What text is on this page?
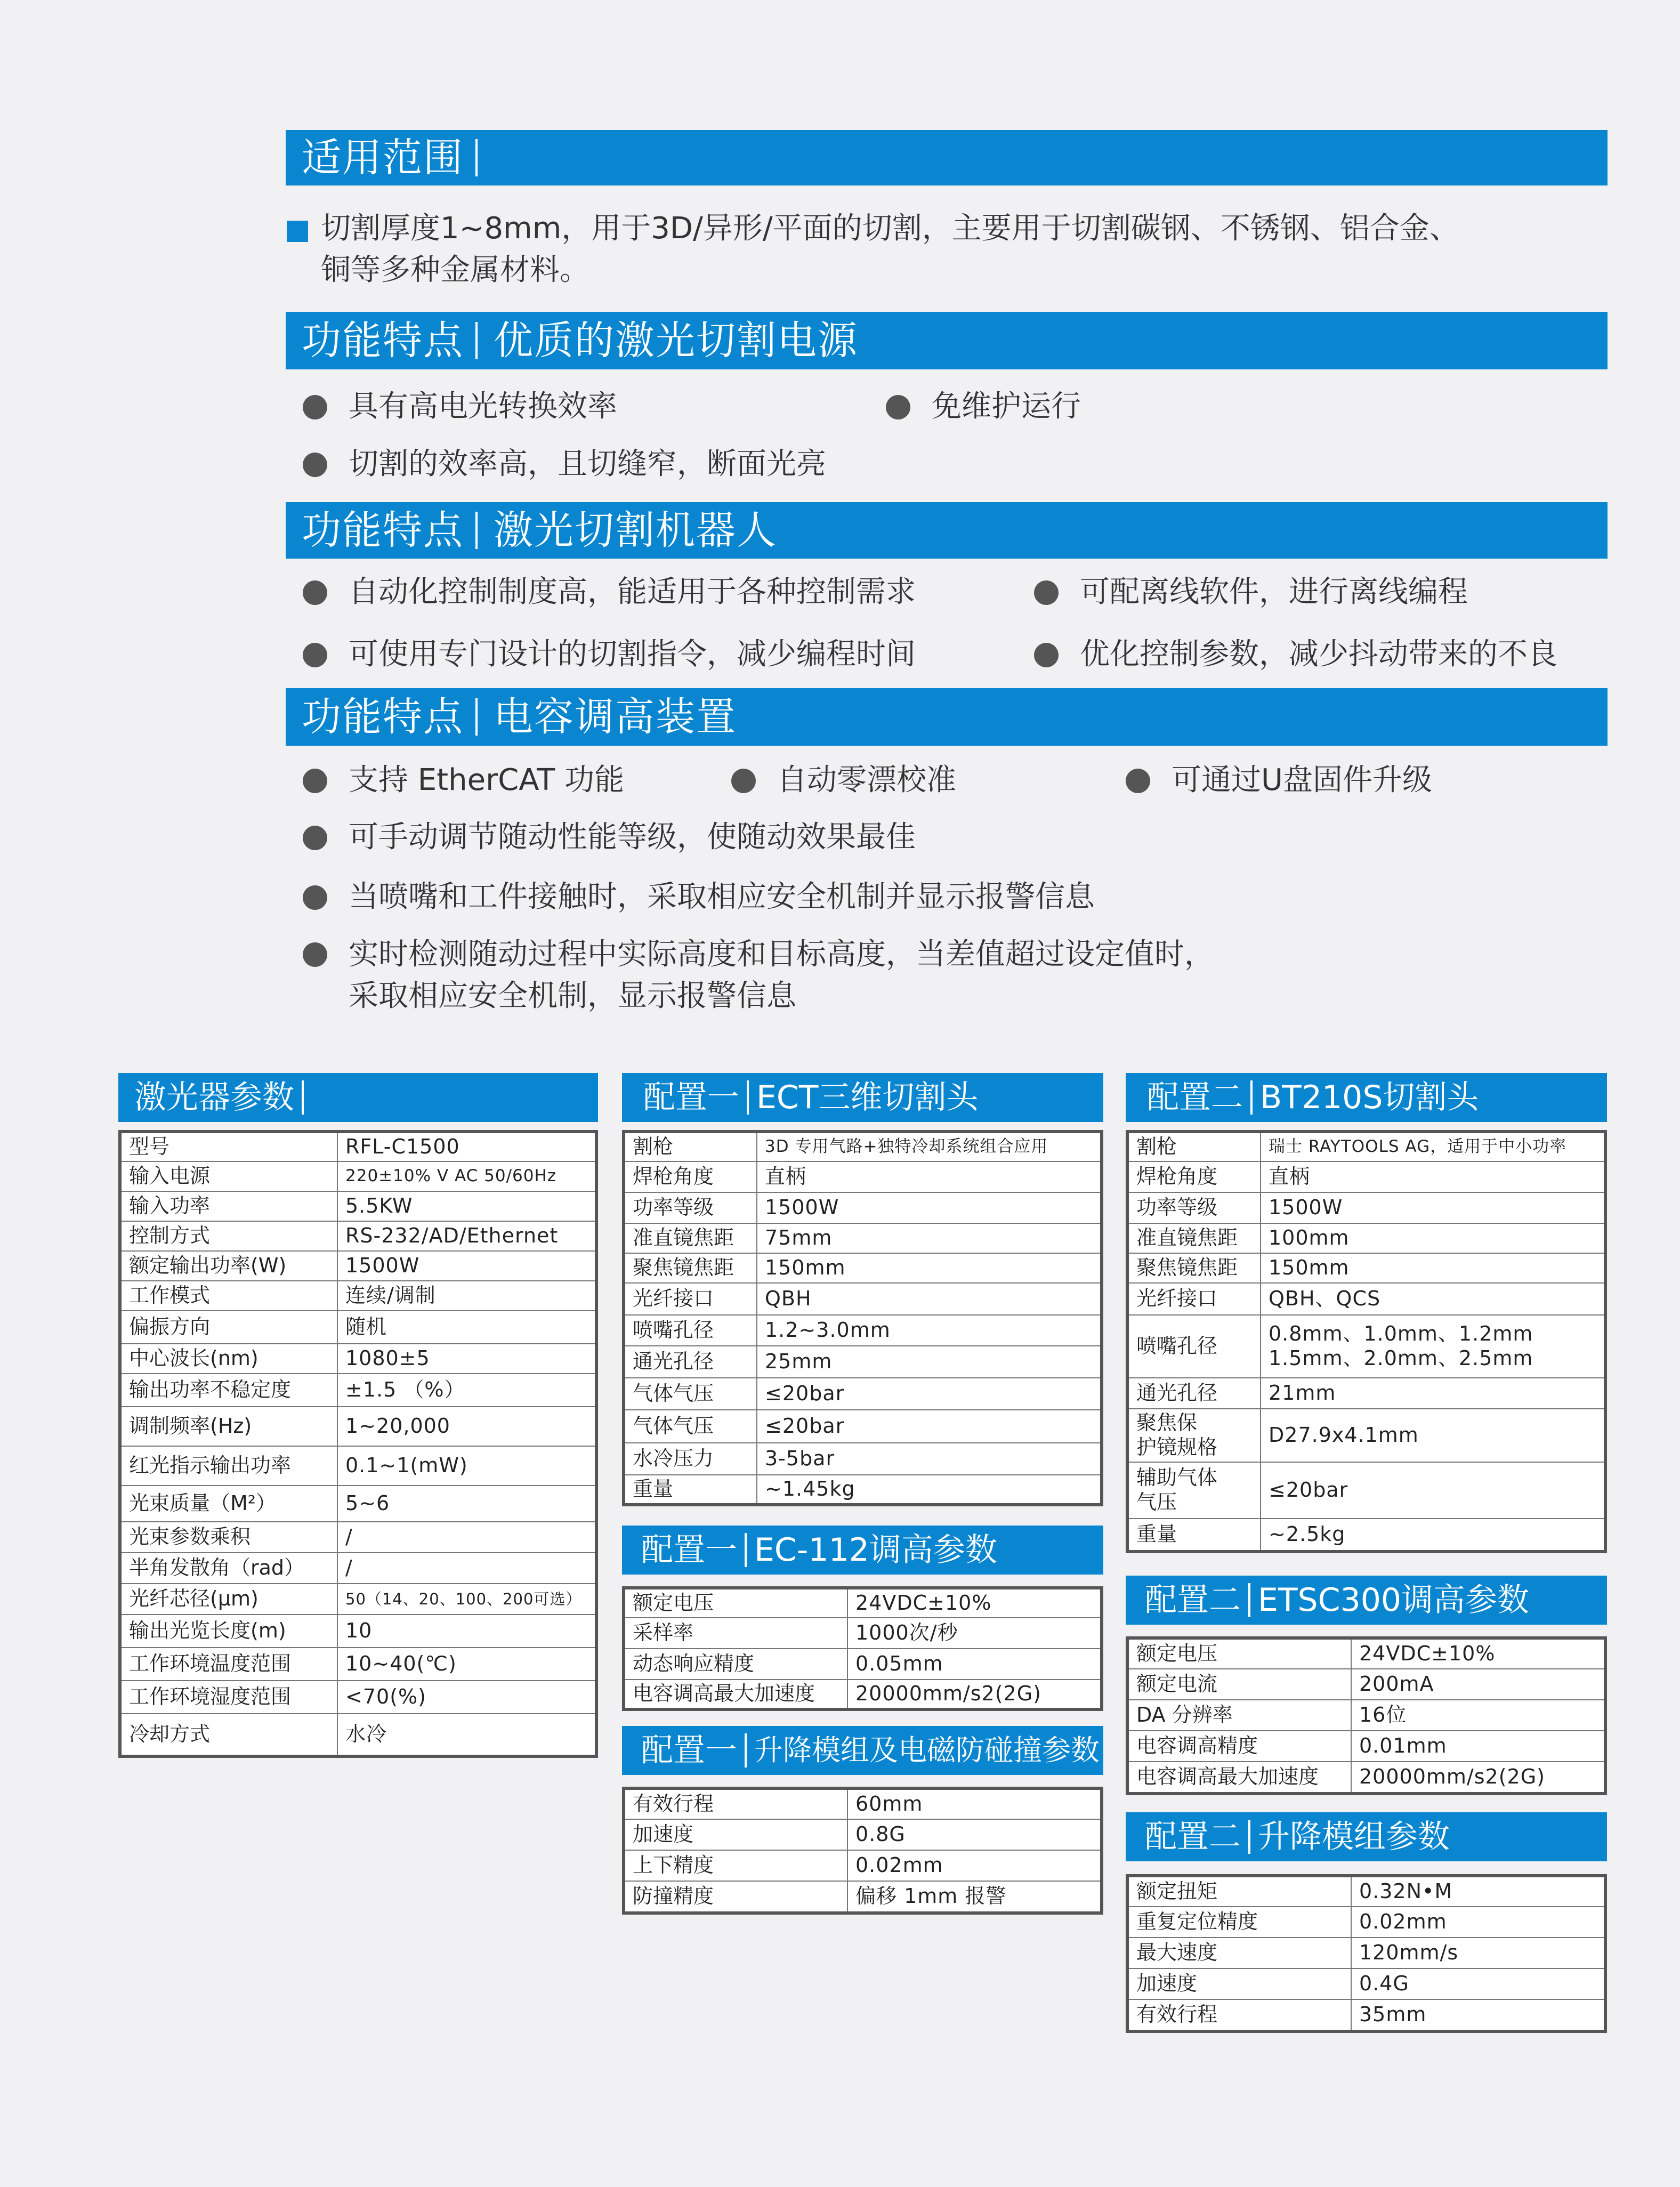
适用范围
切割厚度1~8mm，用于3D/异形/平面的切割，主要用于切割碳钢、不锈钢、铝合金、
铜等多种金属材料。
功能特点 优质的激光切割电源
具有高电光转换效率	免维护运行
切割的效率高，且切缝窄，断面光亮
功能特点 激光切割机器人
自动化控制制度高，能适用于各种控制需求	可配离线软件，进行离线编程
可使用专门设计的切割指令，减少编程时间	优化控制参数，减少抖动带来的不良
功能特点 电容调高装置
支持 EtherCAT 功能	自动零漂校准	可通过U盘固件升级
可手动调节随动性能等级，使随动效果最佳
当喷嘴和工件接触时，采取相应安全机制并显示报警信息
实时检测随动过程中实际高度和目标高度，当差值超过设定值时，
采取相应安全机制，显示报警信息
激光器参数
型号	RFL-C1500
输入电源	220±10% V AC 50/60Hz
输入功率	5.5KW
控制方式	RS-232/AD/Ethernet
额定输出功率(W)	1500W
工作模式	连续/调制
偏振方向	随机
中心波长(nm)	1080±5
输出功率不稳定度	±1.5 （%）
调制频率(Hz)	1~20,000
红光指示输出功率	0.1~1(mW)
光束质量（M²）	5~6
光束参数乘积	/
半角发散角（rad）	/
光纤芯径(μm)	50（14、20、100、200可选）
输出光览长度(m)	10
工作环境温度范围	10~40(℃)
工作环境湿度范围	<70(%)
冷却方式	水冷
配置一 ECT三维切割头
割枪	3D 专用气路+独特冷却系统组合应用
焊枪角度	直柄
功率等级	1500W
准直镜焦距	75mm
聚焦镜焦距	150mm
光纤接口	QBH
喷嘴孔径	1.2~3.0mm
通光孔径	25mm
气体气压	≤20bar
气体气压	≤20bar
水冷压力	3-5bar
重量	~1.45kg
配置一 EC-112调高参数
额定电压	24VDC±10%
采样率	1000次/秒
动态响应精度	0.05mm
电容调高最大加速度	20000mm/s2(2G)
配置一 升降模组及电磁防碰撞参数
有效行程	60mm
加速度	0.8G
上下精度	0.02mm
防撞精度	偏移 1mm 报警
配置二 BT210S切割头
割枪	瑞士 RAYTOOLS AG，适用于中小功率
焊枪角度	直柄
功率等级	1500W
准直镜焦距	100mm
聚焦镜焦距	150mm
光纤接口	QBH、QCS
喷嘴孔径	0.8mm、1.0mm、1.2mm
1.5mm、2.0mm、2.5mm

通光孔径	21mm

聚焦保
护镜规格	D27.9x4.1mm

辅助气体
气压	≤20bar
重量	~2.5kg
配置二 ETSC300调高参数
额定电压	24VDC±10%
额定电流	200mA
DA 分辨率	16位
电容调高精度	0.01mm
电容调高最大加速度	20000mm/s2(2G)
配置二 升降模组参数
额定扭矩	0.32N•M
重复定位精度	0.02mm
最大速度	120mm/s
加速度	0.4G
有效行程	35mm
